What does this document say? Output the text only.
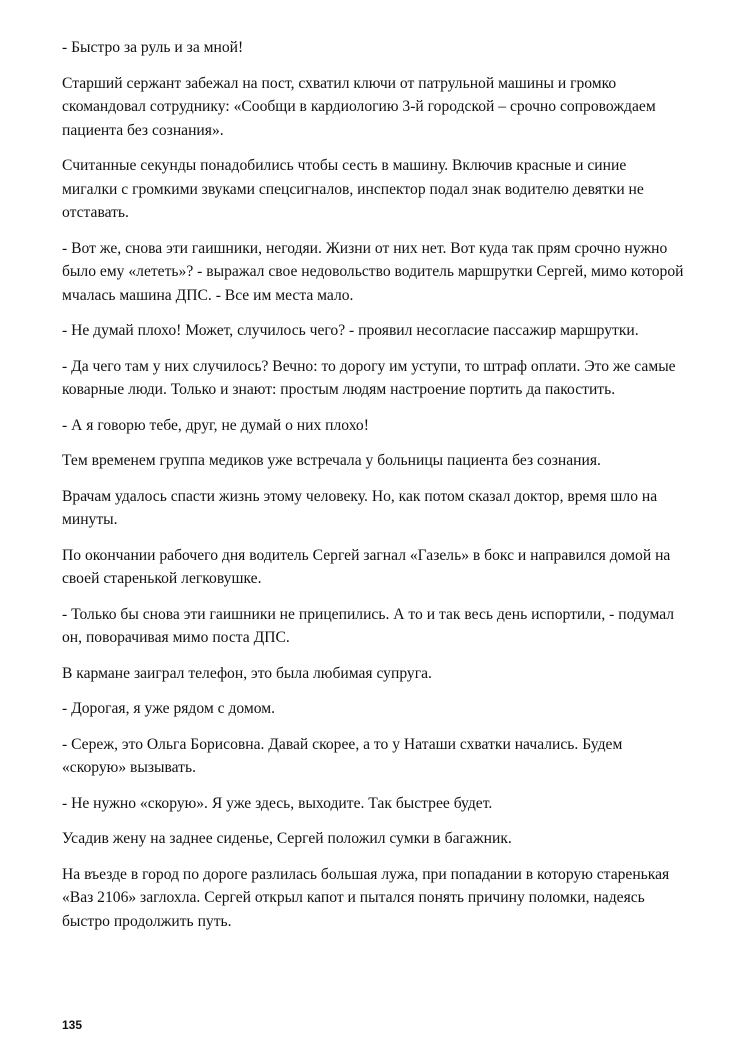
- Быстро за руль и за мной!

Старший сержант забежал на пост, схватил ключи от патрульной машины и громко скомандовал сотруднику: «Сообщи в кардиологию 3-й городской – срочно сопровождаем пациента без сознания».

Считанные секунды понадобились чтобы сесть в машину. Включив красные и синие мигалки с громкими звуками спецсигналов, инспектор подал знак водителю девятки не отставать.

- Вот же, снова эти гаишники, негодяи. Жизни от них нет. Вот куда так прям срочно нужно было ему «лететь»? - выражал свое недовольство водитель маршрутки Сергей, мимо которой мчалась машина ДПС. - Все им места мало.

- Не думай плохо! Может, случилось чего? - проявил несогласие пассажир маршрутки.

- Да чего там у них случилось? Вечно: то дорогу им уступи, то штраф оплати. Это же самые коварные люди. Только и знают: простым людям настроение портить да пакостить.

- А я говорю тебе, друг, не думай о них плохо!

Тем временем группа медиков уже встречала у больницы пациента без сознания.

Врачам удалось спасти жизнь этому человеку. Но, как потом сказал доктор, время шло на минуты.

По окончании рабочего дня водитель Сергей загнал «Газель» в бокс и направился домой на своей старенькой легковушке.

- Только бы снова эти гаишники не прицепились. А то и так весь день испортили, - подумал он, поворачивая мимо поста ДПС.

В кармане заиграл телефон, это была любимая супруга.

- Дорогая, я уже рядом с домом.

- Сереж, это Ольга Борисовна. Давай скорее, а то у Наташи схватки начались. Будем «скорую» вызывать.

- Не нужно «скорую». Я уже здесь, выходите. Так быстрее будет.

Усадив жену на заднее сиденье, Сергей положил сумки в багажник.

На въезде в город по дороге разлилась большая лужа, при попадании в которую старенькая «Ваз 2106» заглохла. Сергей открыл капот и пытался понять причину поломки, надеясь быстро продолжить путь.

135
